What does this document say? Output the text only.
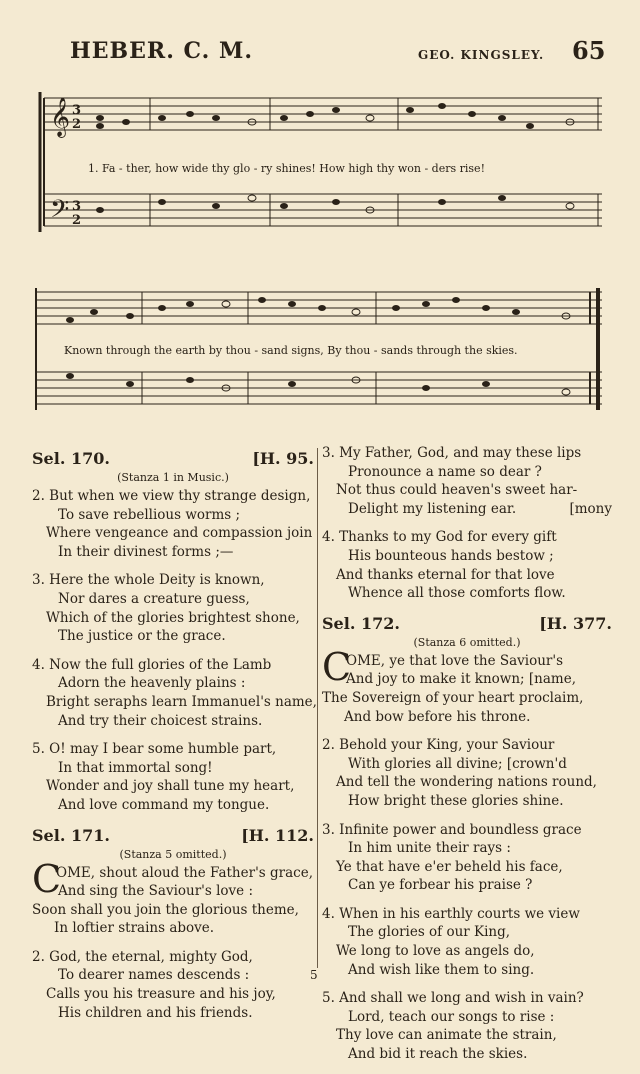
HEBER. C. M.	GEO. KINGSLEY. 65
𝄞
𝄢
3
2
3
2
1. Fa - ther, how wide thy glo - ry shines! How high thy won - ders rise!
Known through the earth by thou - sand signs, By thou - sands through the skies.
Sel. 170.	[H. 95.
(Stanza 1 in Music.)
2. But when we view thy strange design,
To save rebellious worms ;
Where vengeance and compassion join
In their divinest forms ;—
3. Here the whole Deity is known,
Nor dares a creature guess,
Which of the glories brightest shone,
The justice or the grace.
4. Now the full glories of the Lamb
Adorn the heavenly plains :
Bright seraphs learn Immanuel's name,
And try their choicest strains.
5. O! may I bear some humble part,
In that immortal song!
Wonder and joy shall tune my heart,
And love command my tongue.
Sel. 171.	[H. 112.
(Stanza 5 omitted.)
C
OME, shout aloud the Father's grace,
And sing the Saviour's love :
Soon shall you join the glorious theme,
In loftier strains above.
2. God, the eternal, mighty God,
To dearer names descends :
Calls you his treasure and his joy,
His children and his friends.
3. My Father, God, and may these lips
Pronounce a name so dear ?
Not thus could heaven's sweet har-
Delight my listening ear.	[mony
4. Thanks to my God for every gift
His bounteous hands bestow ;
And thanks eternal for that love
Whence all those comforts flow.
Sel. 172.	[H. 377.
(Stanza 6 omitted.)
C
OME, ye that love the Saviour's
And joy to make it known; [name,
The Sovereign of your heart proclaim,
And bow before his throne.
2. Behold your King, your Saviour
With glories all divine; [crown'd
And tell the wondering nations round,
How bright these glories shine.
3. Infinite power and boundless grace
In him unite their rays :
Ye that have e'er beheld his face,
Can ye forbear his praise ?
4. When in his earthly courts we view
The glories of our King,
We long to love as angels do,
And wish like them to sing.
5. And shall we long and wish in vain?
Lord, teach our songs to rise :
Thy love can animate the strain,
And bid it reach the skies.
5
